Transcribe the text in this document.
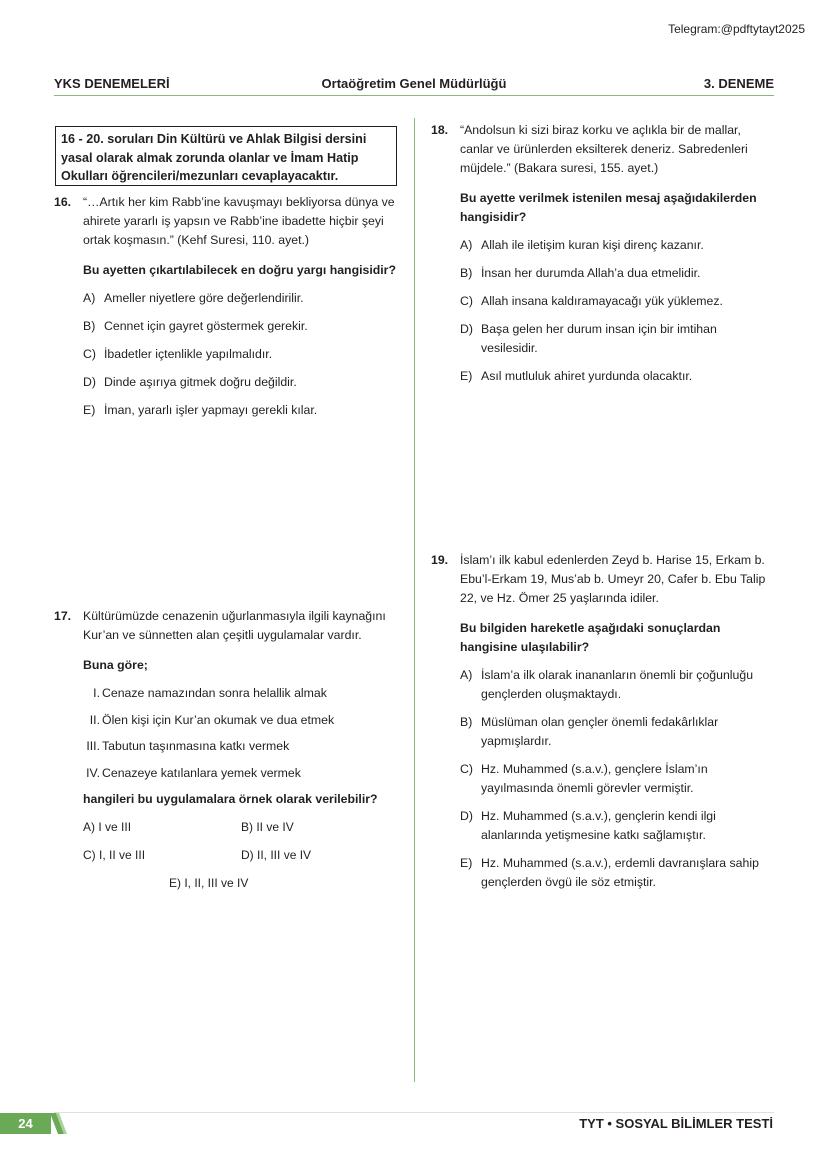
Telegram:@pdftytayt2025
YKS DENEMELERİ	Ortaöğretim Genel Müdürlüğü	3. DENEME
16 - 20. soruları Din Kültürü ve Ahlak Bilgisi dersini yasal olarak almak zorunda olanlar ve İmam Hatip Okulları öğrencileri/mezunları cevaplayacaktır.
16. “…Artık her kim Rabb’ine kavuşmayı bekliyorsa dünya ve ahirete yararlı iş yapsın ve Rabb’ine ibadette hiçbir şeyi ortak koşmasın.” (Kehf Suresi, 110. ayet.)
Bu ayetten çıkartılabilecek en doğru yargı hangisidir?
A) Ameller niyetlere göre değerlendirilir.
B) Cennet için gayret göstermek gerekir.
C) İbadetler içtenlikle yapılmalıdır.
D) Dinde aşırıya gitmek doğru değildir.
E) İman, yararlı işler yapmayı gerekli kılar.
17. Kültürümüzde cenazenin uğurlanmasıyla ilgili kaynağını Kur’an ve sünnetten alan çeşitli uygulamalar vardır.
Buna göre;
I. Cenaze namazından sonra helallik almak
II. Ölen kişi için Kur’an okumak ve dua etmek
III. Tabutun taşınmasına katkı vermek
IV. Cenazeye katılanlara yemek vermek
hangileri bu uygulamalara örnek olarak verilebilir?
A) I ve III	B) II ve IV
C) I, II ve III	D) II, III ve IV
E) I, II, III ve IV
18. “Andolsun ki sizi biraz korku ve açlıkla bir de mallar, canlar ve ürünlerden eksilterek deneriz. Sabredenleri müjdele.” (Bakara suresi, 155. ayet.)
Bu ayette verilmek istenilen mesaj aşağıdakilerden hangisidir?
A) Allah ile iletişim kuran kişi direnç kazanır.
B) İnsan her durumda Allah’a dua etmelidir.
C) Allah insana kaldıramayacağı yük yüklemez.
D) Başa gelen her durum insan için bir imtihan vesilesidir.
E) Asıl mutluluk ahiret yurdunda olacaktır.
19. İslam’ı ilk kabul edenlerden Zeyd b. Harise 15, Erkam b. Ebu’l-Erkam 19, Mus’ab b. Umeyr 20, Cafer b. Ebu Talip 22, ve Hz. Ömer 25 yaşlarında idiler.
Bu bilgiden hareketle aşağıdaki sonuçlardan hangisine ulaşılabilir?
A) İslam’a ilk olarak inananların önemli bir çoğunluğu gençlerden oluşmaktaydı.
B) Müslüman olan gençler önemli fedakârlıklar yapmışlardır.
C) Hz. Muhammed (s.a.v.), gençlere İslam’ın yayılmasında önemli görevler vermiştir.
D) Hz. Muhammed (s.a.v.), gençlerin kendi ilgi alanlarında yetişmesine katkı sağlamıştır.
E) Hz. Muhammed (s.a.v.), erdemli davranışlara sahip gençlerden övgü ile söz etmiştir.
24	TYT • SOSYAL BİLİMLER TESTİ
